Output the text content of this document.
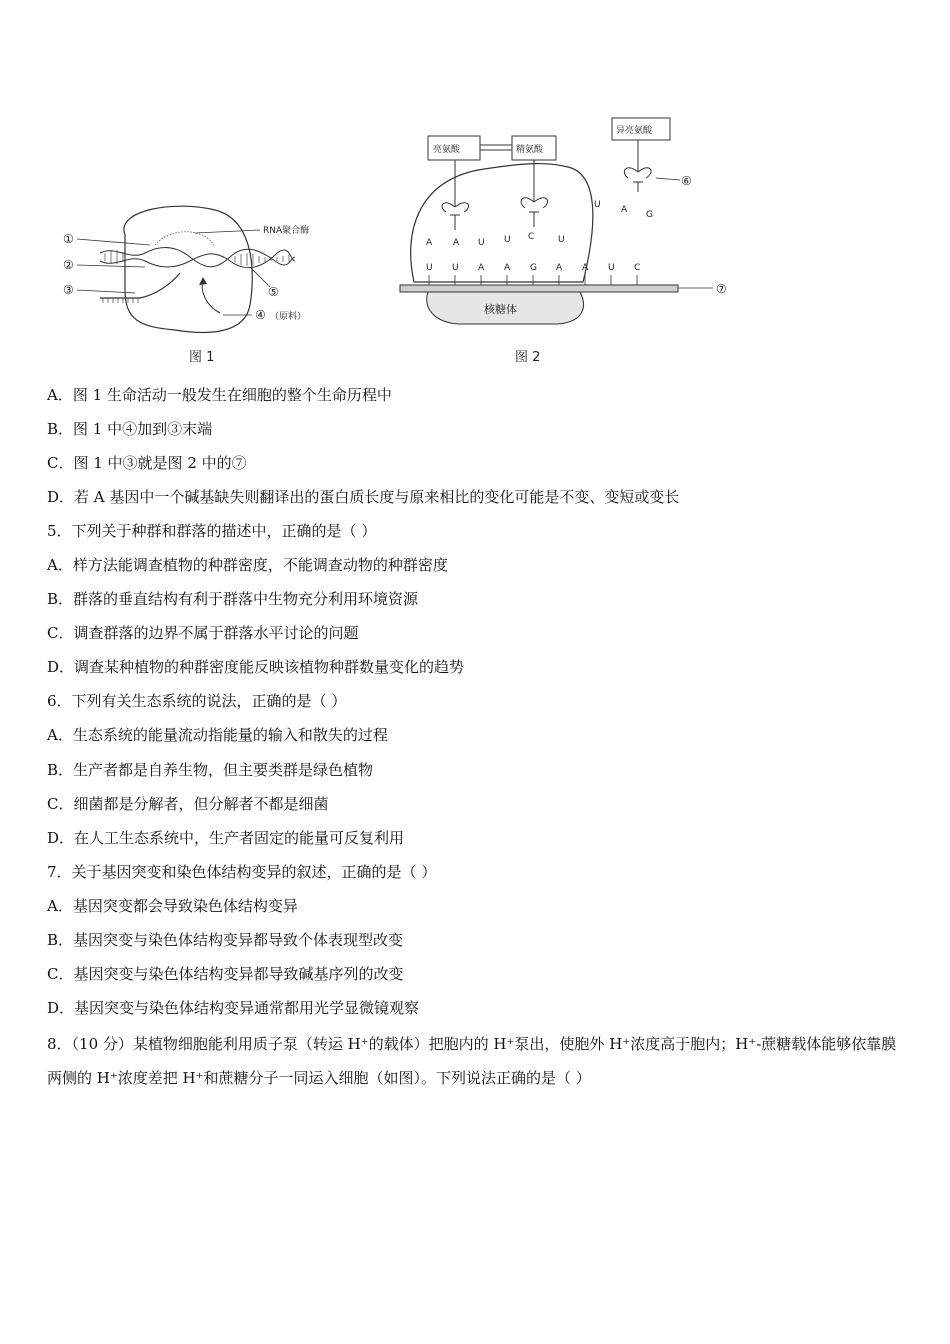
①
②
③
RNA聚合酶
⑤
④ （原料）
图 1
⑦
核糖体
亮氨酸	精氨酸
异亮氨酸
⑥
A A U U C	U
U A G
U U A A G A A U C
图 2
A．图 1 生命活动一般发生在细胞的整个生命历程中
B．图 1 中④加到③末端
C．图 1 中③就是图 2 中的⑦
D．若 A 基因中一个碱基缺失则翻译出的蛋白质长度与原来相比的变化可能是不变、变短或变长
5．下列关于种群和群落的描述中，正确的是（ ）
A．样方法能调查植物的种群密度，不能调查动物的种群密度
B．群落的垂直结构有利于群落中生物充分利用环境资源
C．调查群落的边界不属于群落水平讨论的问题
D．调查某种植物的种群密度能反映该植物种群数量变化的趋势
6．下列有关生态系统的说法，正确的是（ ）
A．生态系统的能量流动指能量的输入和散失的过程
B．生产者都是自养生物，但主要类群是绿色植物
C．细菌都是分解者，但分解者不都是细菌
D．在人工生态系统中，生产者固定的能量可反复利用
7．关于基因突变和染色体结构变异的叙述，正确的是（ ）
A．基因突变都会导致染色体结构变异
B．基因突变与染色体结构变异都导致个体表现型改变
C．基因突变与染色体结构变异都导致碱基序列的改变
D．基因突变与染色体结构变异通常都用光学显微镜观察
8．（10 分）某植物细胞能利用质子泵（转运 H⁺的载体）把胞内的 H⁺泵出，使胞外 H⁺浓度高于胞内；H⁺-蔗糖载体能够依靠膜两侧的 H⁺浓度差把 H⁺和蔗糖分子一同运入细胞（如图）。下列说法正确的是（ ）
